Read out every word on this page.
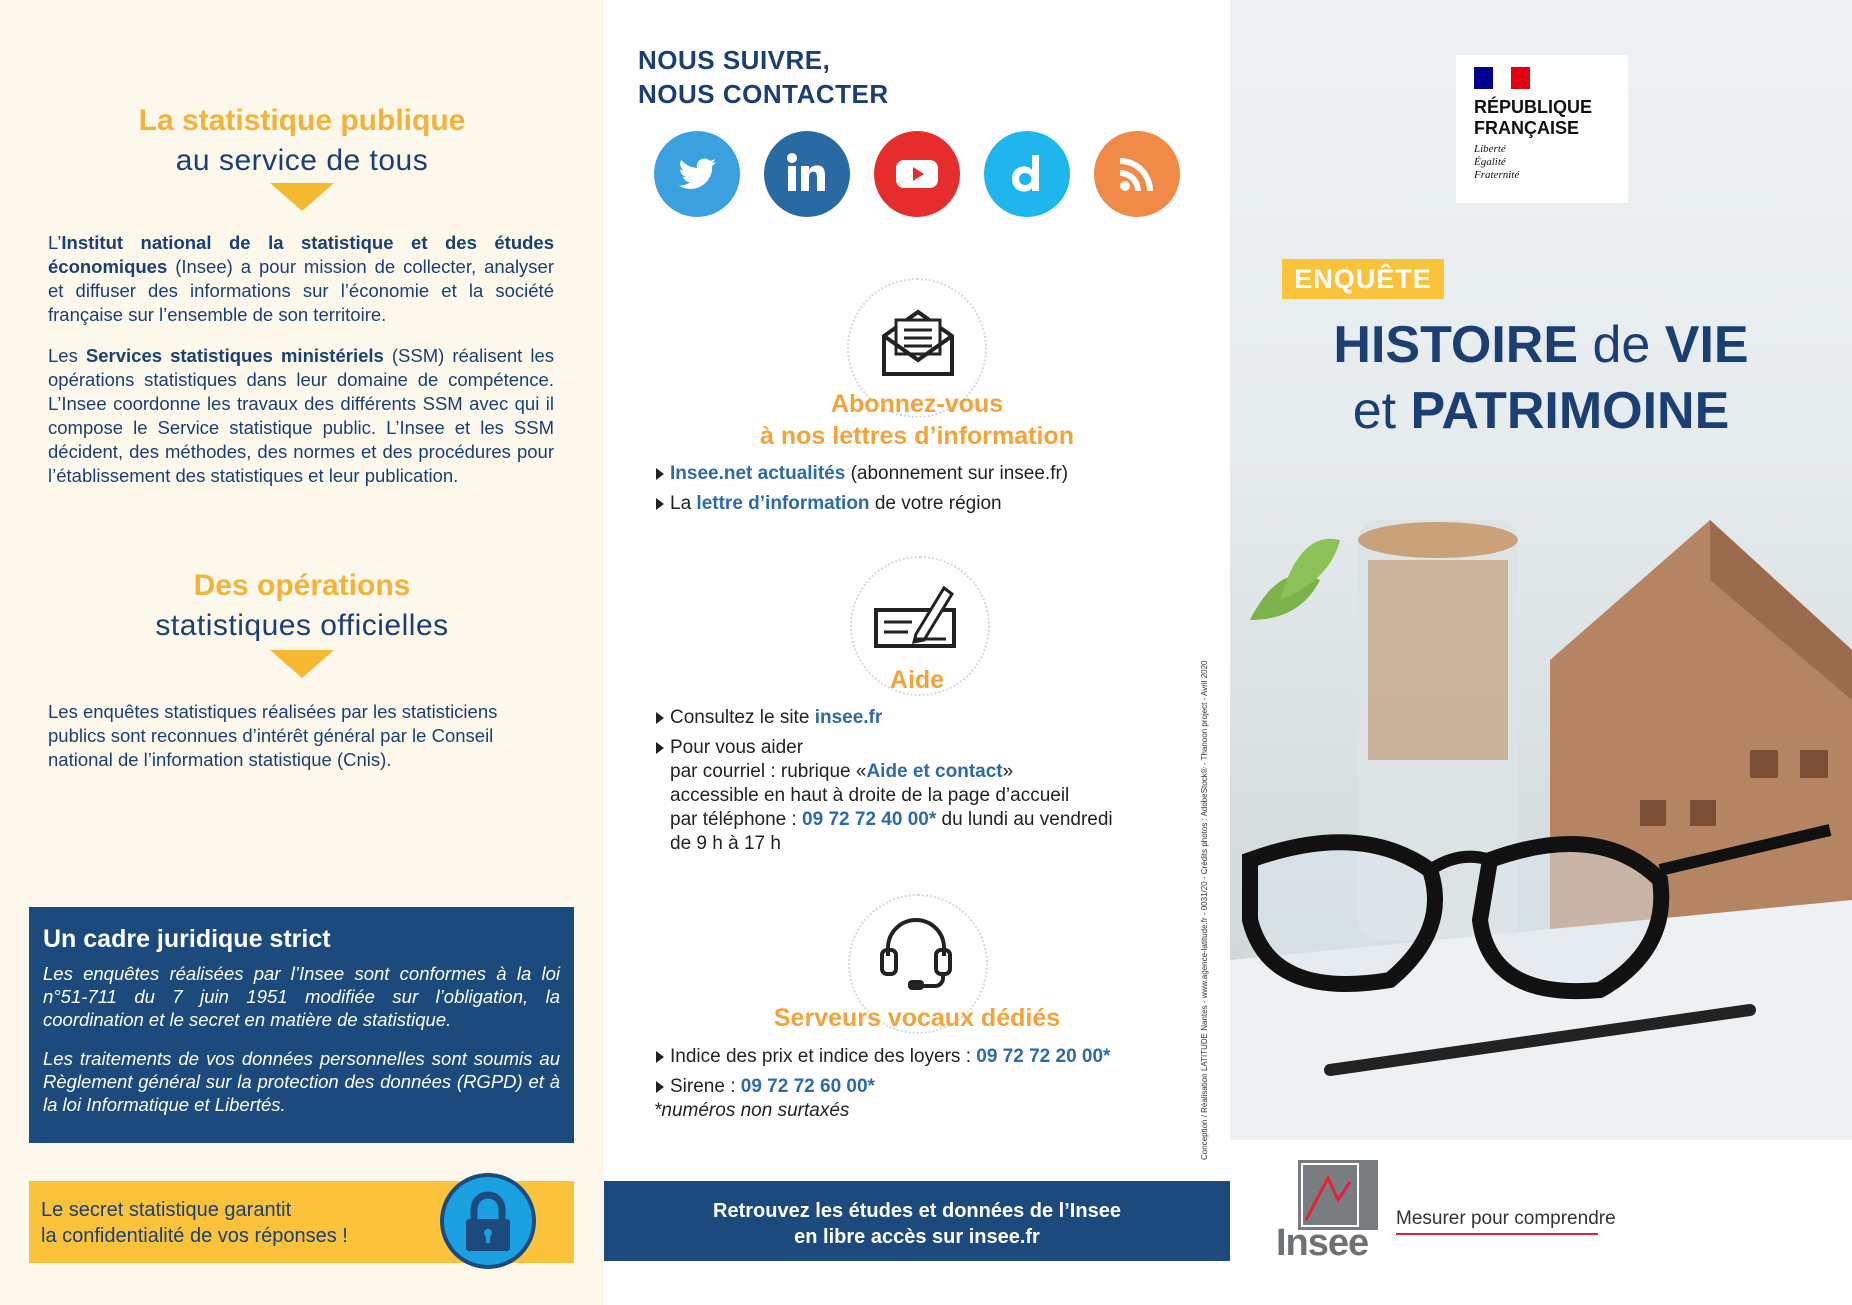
La statistique publique
au service de tous
L’Institut national de la statistique et des études économiques (Insee) a pour mission de collecter, analyser et diffuser des informations sur l’économie et la société française sur l’ensemble de son territoire.
Les Services statistiques ministériels (SSM) réalisent les opérations statistiques dans leur domaine de compétence. L’Insee coordonne les travaux des différents SSM avec qui il compose le Service statistique public. L’Insee et les SSM décident, des méthodes, des normes et des procédures pour l’établissement des statistiques et leur publication.
Des opérations
statistiques officielles
Les enquêtes statistiques réalisées par les statisticiens publics sont reconnues d’intérêt général par le Conseil national de l’information statistique (Cnis).
Un cadre juridique strict

Les enquêtes réalisées par l’Insee sont conformes à la loi n°51-711 du 7 juin 1951 modifiée sur l’obligation, la coordination et le secret en matière de statistique.

Les traitements de vos données personnelles sont soumis au Règlement général sur la protection des données (RGPD) et à la loi Informatique et Libertés.

Le secret statistique garantit
la confidentialité de vos réponses !
NOUS SUIVRE,
NOUS CONTACTER
Abonnez-vous
à nos lettres d’information
Insee.net actualités (abonnement sur insee.fr)
La lettre d’information de votre région
Aide
Consultez le site insee.fr
Pour vous aider
par courriel : rubrique «Aide et contact»
accessible en haut à droite de la page d’accueil
par téléphone : 09 72 72 40 00* du lundi au vendredi
de 9 h à 17 h
Serveurs vocaux dédiés
Indice des prix et indice des loyers : 09 72 72 20 00*
Sirene : 09 72 72 60 00*
*numéros non surtaxés	Conception / Réalisation LATITUDE Nantes - www.agence-latitude.fr - 0031/20 - Crédits photos : AdobeStock® - Thanoon project - Avril 2020
Retrouvez les études et données de l’Insee
en libre accès sur insee.fr
RÉPUBLIQUE
FRANÇAISE
Liberté
Égalité
Fraternité
ENQUÊTE
HISTOIRE de VIE
et PATRIMOINE
Insee
Mesurer pour comprendre
